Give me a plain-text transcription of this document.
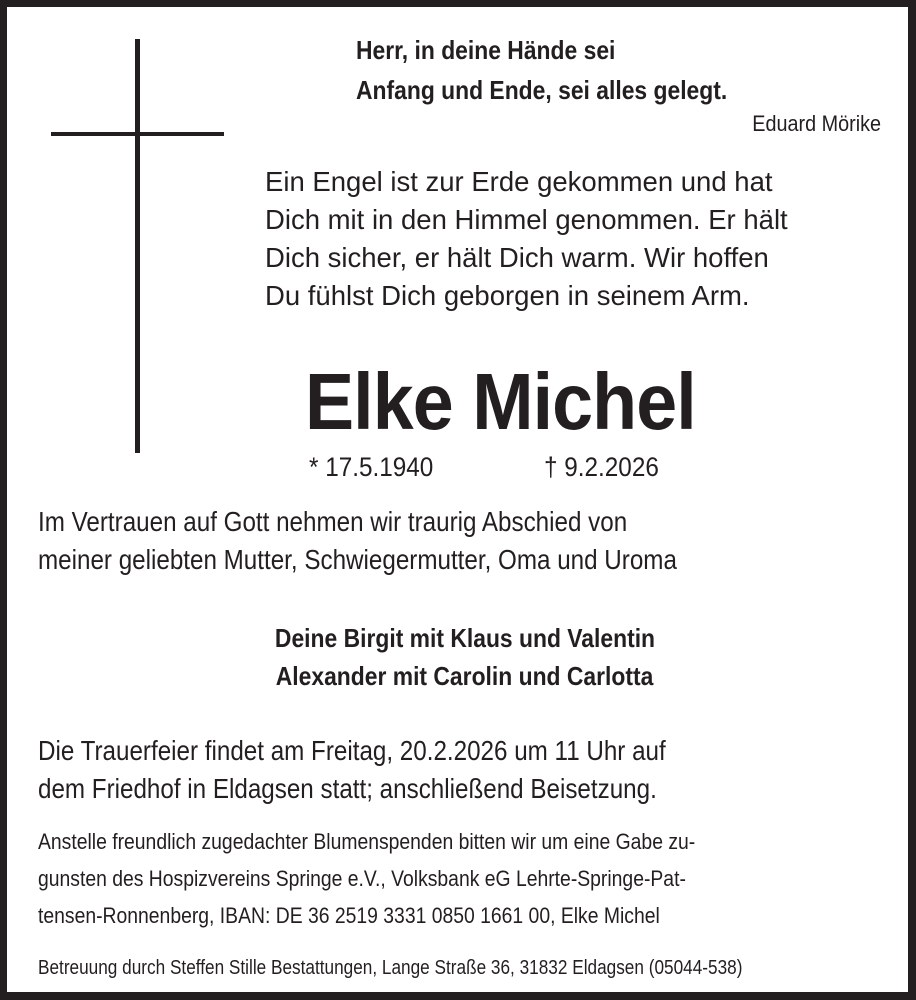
Herr, in deine Hände sei
Anfang und Ende, sei alles gelegt.
Eduard Mörike
Ein Engel ist zur Erde gekommen und hat
Dich mit in den Himmel genommen. Er hält
Dich sicher, er hält Dich warm. Wir hoffen
Du fühlst Dich geborgen in seinem Arm.
Elke Michel
* 17.5.1940	† 9.2.2026
Im Vertrauen auf Gott nehmen wir traurig Abschied von
meiner geliebten Mutter, Schwiegermutter, Oma und Uroma
Deine Birgit mit Klaus und Valentin
Alexander mit Carolin und Carlotta
Die Trauerfeier findet am Freitag, 20.2.2026 um 11 Uhr auf
dem Friedhof in Eldagsen statt; anschließend Beisetzung.
Anstelle freundlich zugedachter Blumenspenden bitten wir um eine Gabe zu-
gunsten des Hospizvereins Springe e.V., Volksbank eG Lehrte-Springe-Pat-
tensen-Ronnenberg, IBAN: DE 36 2519 3331 0850 1661 00, Elke Michel
Betreuung durch Steffen Stille Bestattungen, Lange Straße 36, 31832 Eldagsen (05044-538)
